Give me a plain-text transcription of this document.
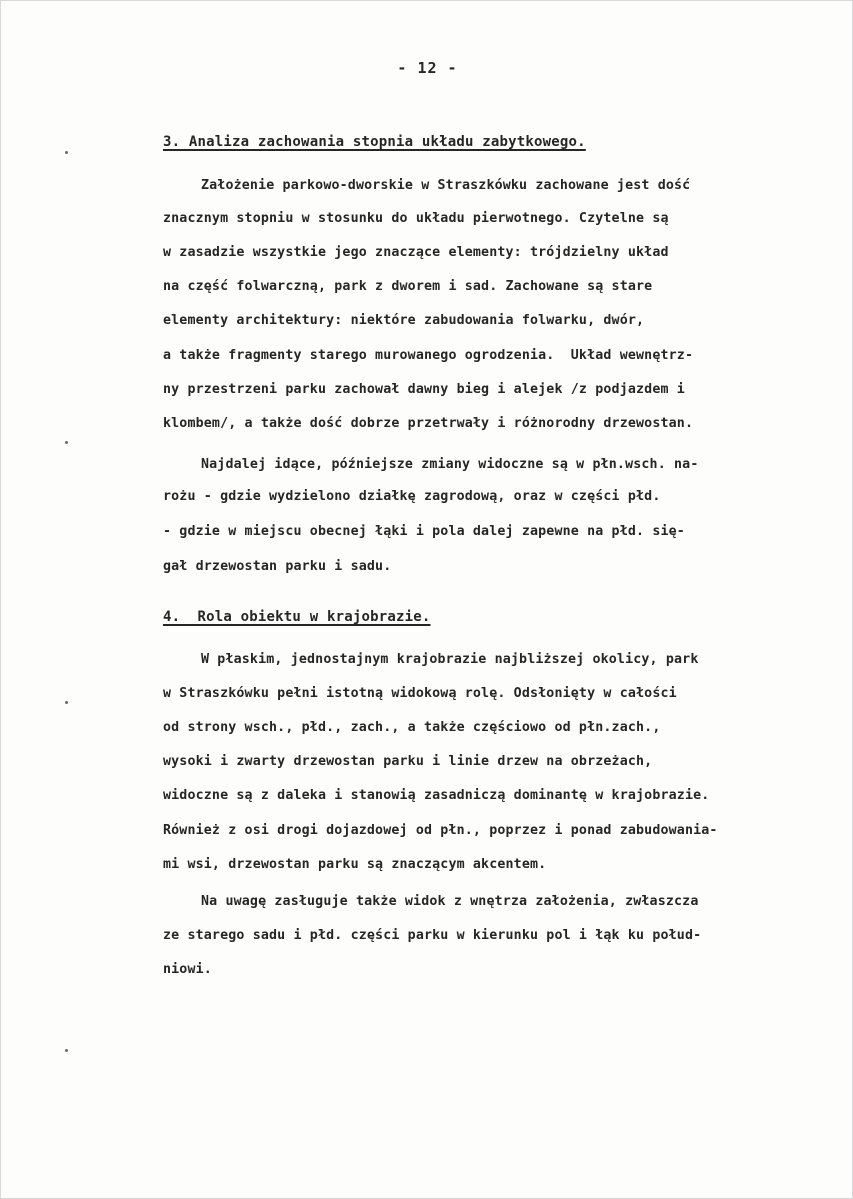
- 12 -
3. Analiza zachowania stopnia układu zabytkowego.
Założenie parkowo-dworskie w Straszkówku zachowane jest dość
znacznym stopniu w stosunku do układu pierwotnego. Czytelne są
w zasadzie wszystkie jego znaczące elementy: trójdzielny układ
na część folwarczną, park z dworem i sad. Zachowane są stare
elementy architektury: niektóre zabudowania folwarku, dwór,
a także fragmenty starego murowanego ogrodzenia.  Układ wewnętrz-
ny przestrzeni parku zachował dawny bieg i alejek /z podjazdem i
klombem/, a także dość dobrze przetrwały i różnorodny drzewostan.
Najdalej idące, późniejsze zmiany widoczne są w płn.wsch. na-
rożu - gdzie wydzielono działkę zagrodową, oraz w części płd.
- gdzie w miejscu obecnej łąki i pola dalej zapewne na płd. się-
gał drzewostan parku i sadu.
4.  Rola obiektu w krajobrazie.
W płaskim, jednostajnym krajobrazie najbliższej okolicy, park
w Straszkówku pełni istotną widokową rolę. Odsłonięty w całości
od strony wsch., płd., zach., a także częściowo od płn.zach.,
wysoki i zwarty drzewostan parku i linie drzew na obrzeżach,
widoczne są z daleka i stanowią zasadniczą dominantę w krajobrazie.
Również z osi drogi dojazdowej od płn., poprzez i ponad zabudowania-
mi wsi, drzewostan parku są znaczącym akcentem.
Na uwagę zasługuje także widok z wnętrza założenia, zwłaszcza
ze starego sadu i płd. części parku w kierunku pol i łąk ku połud-
niowi.
